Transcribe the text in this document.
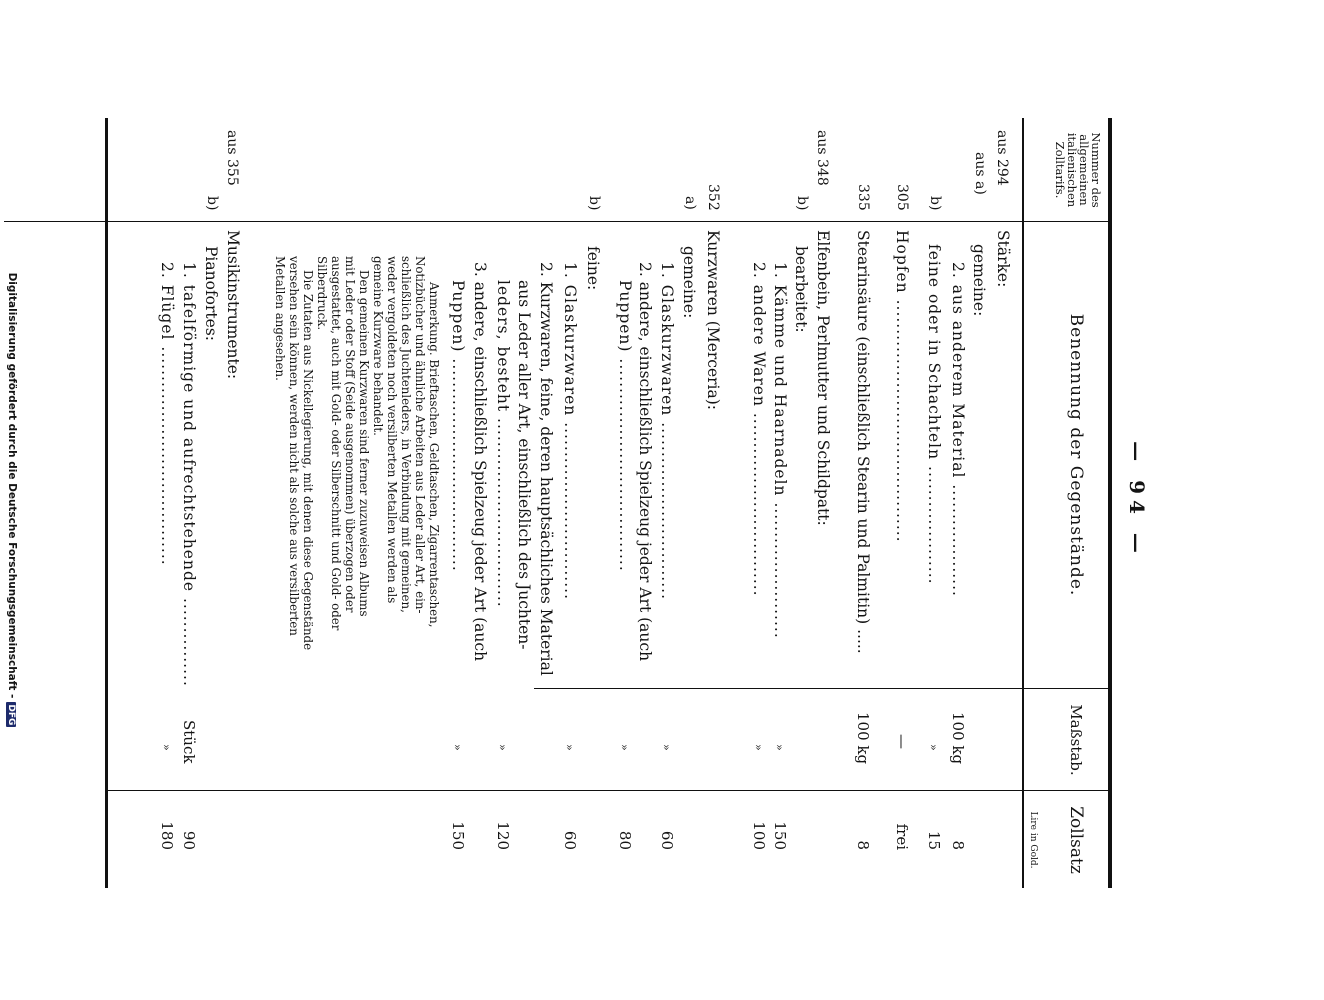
— 94 —
Nummer des allgemeinen italienischen Zolltarifs.
Benennung der Gegenstände.
Maßstab.
Zollsatz
Lire in Gold.
aus 294
Stärke:
aus a)
gemeine:
2. aus anderem Material ...................
100 kg
8
b)
feine oder in Schachteln ....................
»
15
305
Hopfen .........................................
—
frei
335
Stearinsäure (einschließlich Stearin und Palmitin) .....
100 kg
8
aus 348
Elfenbein, Perlmutter und Schildpatt:
b)
bearbeitet:
1. Kämme und Haarnadeln .......................
»
150
2. andere Waren ...............................
»
100
352
Kurzwaren (Merceria):
a)
gemeine:
1. Glaskurzwaren ..............................
»
60
2. andere, einschließlich Spielzeug jeder Art (auch
Puppen) ....................................
»
80
b)
feine:
1. Glaskurzwaren ..............................
»
60
2. Kurzwaren, feine, deren hauptsächliches Material
aus Leder aller Art, einschließlich des Juchten-
leders, besteht ................................
»
120
3. andere, einschließlich Spielzeug jeder Art (auch
Puppen) ....................................
»
150
Anmerkung. Brieftaschen, Geldtaschen, Zigarrentaschen,
Notizbücher und ähnliche Arbeiten aus Leder aller Art, ein-
schließlich des Juchtenleders, in Verbindung mit gemeinen,
weder vergoldeten noch versilberten Metallen werden als
gemeine Kurzware behandelt.
Den gemeinen Kurzwaren sind ferner zuzuweisen Albums
mit Leder oder Stoff (Seide ausgenommen) überzogen oder
ausgestattet, auch mit Gold- oder Silberschnitt und Gold- oder
Silberdruck.
Die Zutaten aus Nickellegierung, mit denen diese Gegenstände
versehen sein können, werden nicht als solche aus versilberten
Metallen angesehen.
aus 355
Musikinstrumente:
b)
Pianofortes:
1. tafelförmige und aufrechtstehende ...............
Stück
90
2. Flügel .....................................
»
180
Digitalisierung gefördert durch die Deutsche Forschungsgemeinschaft -DFG
